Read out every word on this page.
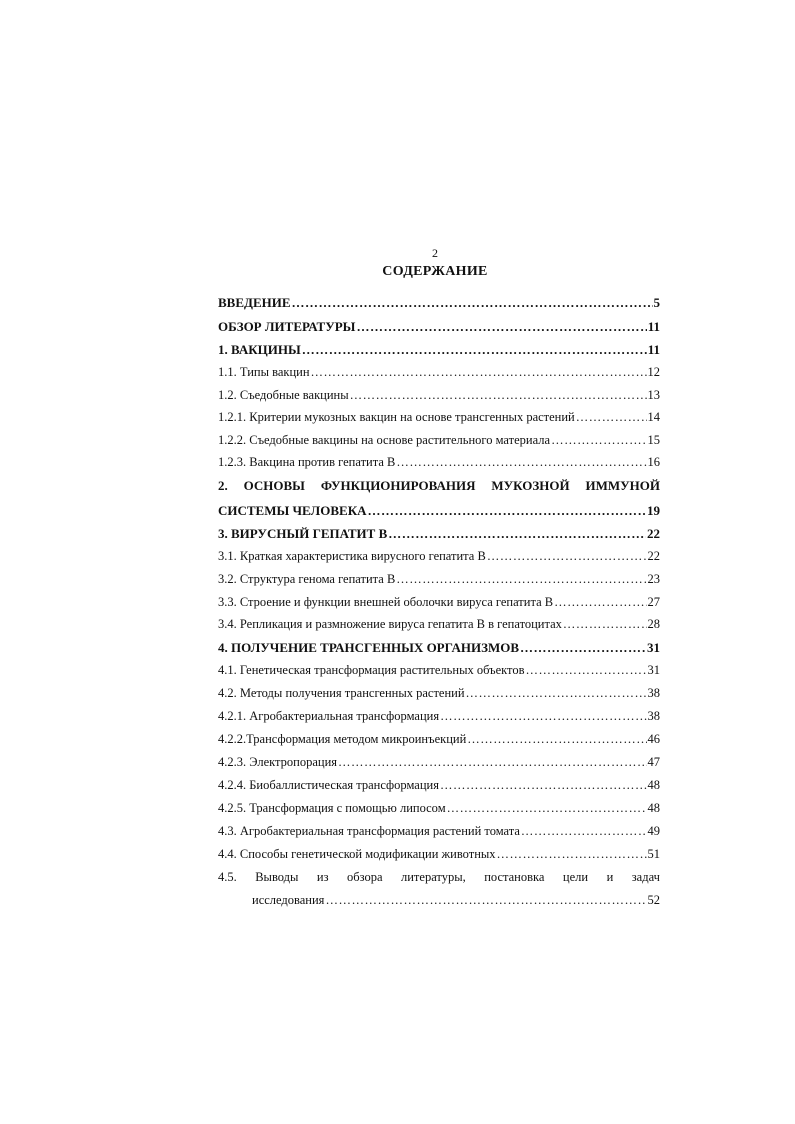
2
СОДЕРЖАНИЕ
ВВЕДЕНИЕ ……………………………………………………………………………………………………………………………………………………………………………………	5
ОБЗОР ЛИТЕРАТУРЫ ……………………………………………………………………………………………………………………………………………………………………………………	11
1. ВАКЦИНЫ ……………………………………………………………………………………………………………………………………………………………………………………	11
1.1. Типы вакцин ……………………………………………………………………………………………………………………………………………………………………………………	12
1.2. Съедобные вакцины ……………………………………………………………………………………………………………………………………………………………………………………	13
1.2.1. Критерии мукозных вакцин на основе трансгенных растений ……………………………………………………………………………………………………………………………………………………………………………………	14
1.2.2. Съедобные вакцины на основе растительного материала ……………………………………………………………………………………………………………………………………………………………………………………	15
1.2.3. Вакцина против гепатита В ……………………………………………………………………………………………………………………………………………………………………………………	16
2. ОСНОВЫ ФУНКЦИОНИРОВАНИЯ МУКОЗНОЙ ИММУНОЙ
СИСТЕМЫ ЧЕЛОВЕКА ……………………………………………………………………………………………………………………………………………………………………………………	19
3. ВИРУСНЫЙ ГЕПАТИТ В ……………………………………………………………………………………………………………………………………………………………………………………	22
3.1. Краткая характеристика вирусного гепатита В ……………………………………………………………………………………………………………………………………………………………………………………	22
3.2. Структура генома гепатита В ……………………………………………………………………………………………………………………………………………………………………………………	23
3.3. Строение и функции внешней оболочки вируса гепатита В ……………………………………………………………………………………………………………………………………………………………………………………	27
3.4. Репликация и размножение вируса гепатита В в гепатоцитах ……………………………………………………………………………………………………………………………………………………………………………………	28
4. ПОЛУЧЕНИЕ ТРАНСГЕННЫХ ОРГАНИЗМОВ ……………………………………………………………………………………………………………………………………………………………………………………	31
4.1. Генетическая трансформация растительных объектов ……………………………………………………………………………………………………………………………………………………………………………………	31
4.2. Методы получения трансгенных растений ……………………………………………………………………………………………………………………………………………………………………………………	38
4.2.1. Агробактериальная трансформация ……………………………………………………………………………………………………………………………………………………………………………………	38
4.2.2.Трансформация методом микроинъекций ……………………………………………………………………………………………………………………………………………………………………………………	46
4.2.3. Электропорация ……………………………………………………………………………………………………………………………………………………………………………………	47
4.2.4. Биобаллистическая трансформация ……………………………………………………………………………………………………………………………………………………………………………………	48
4.2.5. Трансформация с помощью липосом ……………………………………………………………………………………………………………………………………………………………………………………	48
4.3. Агробактериальная трансформация растений томата ……………………………………………………………………………………………………………………………………………………………………………………	49
4.4. Способы генетической модификации животных ……………………………………………………………………………………………………………………………………………………………………………………	51
4.5. Выводы из обзора литературы, постановка цели и задач
исследования ……………………………………………………………………………………………………………………………………………………………………………………	52
